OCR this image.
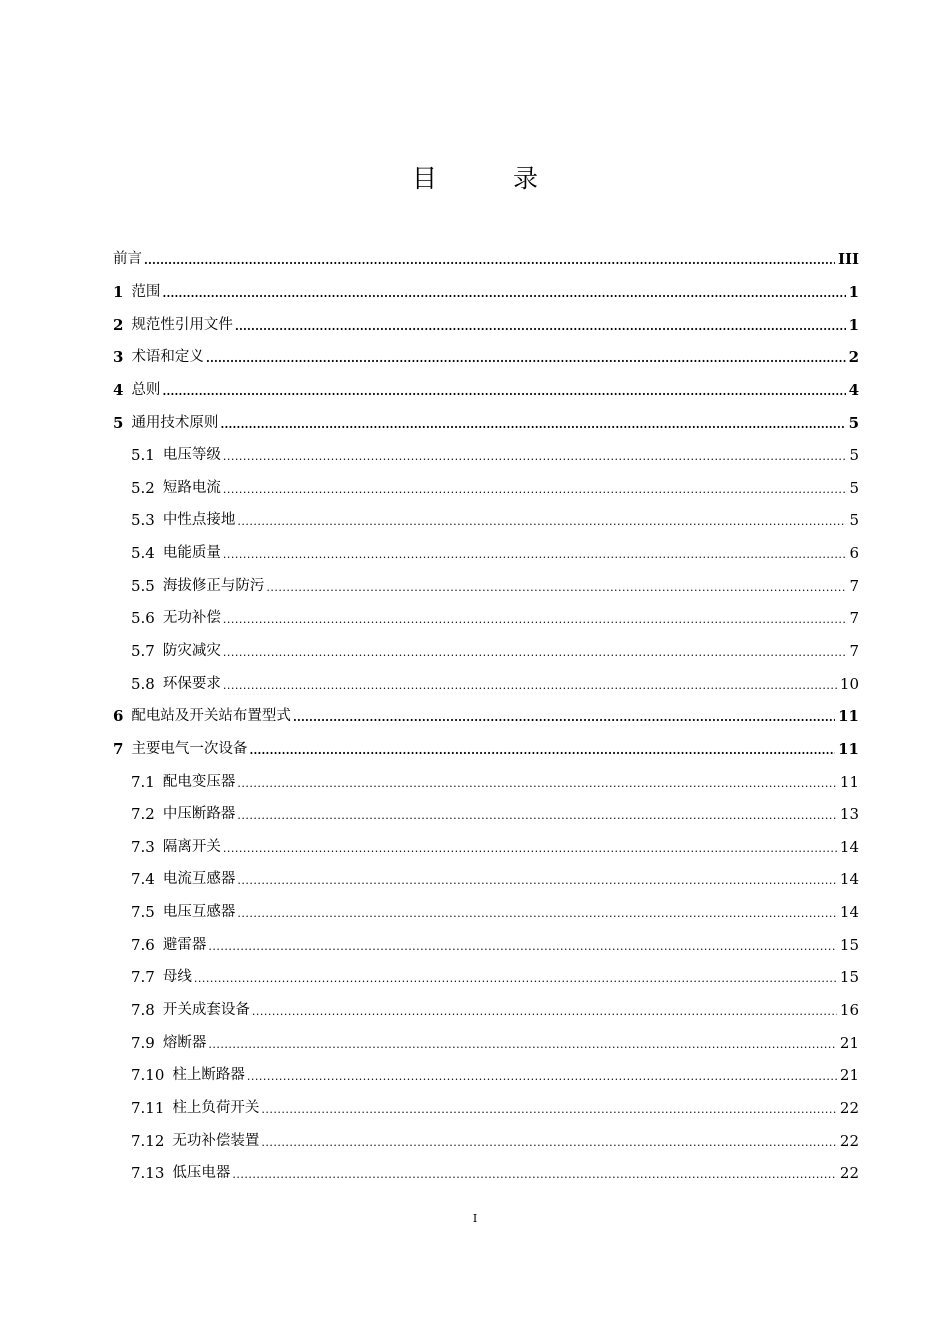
目 录
前言 .....	III
1 范围 .....	1
2 规范性引用文件 .....	1
3 术语和定义 .....	2
4 总则 .....	4
5 通用技术原则 .....	5
5.1 电压等级 .....	5
5.2 短路电流 .....	5
5.3 中性点接地 .....	5
5.4 电能质量 .....	6
5.5 海拔修正与防污 .....	7
5.6 无功补偿 .....	7
5.7 防灾减灾 .....	7
5.8 环保要求 .....	10
6 配电站及开关站布置型式 .....	11
7 主要电气一次设备 .....	11
7.1 配电变压器 .....	11
7.2 中压断路器 .....	13
7.3 隔离开关 .....	14
7.4 电流互感器 .....	14
7.5 电压互感器 .....	14
7.6 避雷器 .....	15
7.7 母线 .....	15
7.8 开关成套设备 .....	16
7.9 熔断器 .....	21
7.10 柱上断路器 .....	21
7.11 柱上负荷开关 .....	22
7.12 无功补偿装置 .....	22
7.13 低压电器 .....	22
I
